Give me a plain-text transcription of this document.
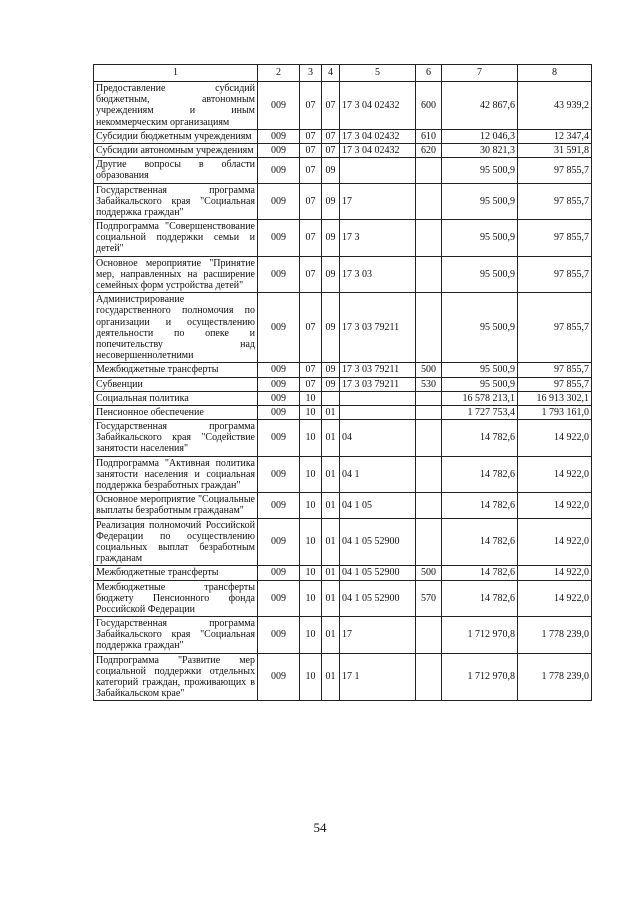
1	2	3	4	5	6	7	8
Предоставление субсидий бюджетным, автономным учреждениям и иным некоммерческим организациям	009	07	07	17 3 04 02432	600	42 867,6	43 939,2
Субсидии бюджетным учреждениям	009	07	07	17 3 04 02432	610	12 046,3	12 347,4
Субсидии автономным учреждениям	009	07	07	17 3 04 02432	620	30 821,3	31 591,8
Другие вопросы в области образования	009	07	09			95 500,9	97 855,7
Государственная программа Забайкальского края "Социальная поддержка граждан"	009	07	09	17		95 500,9	97 855,7
Подпрограмма "Совершенствование социальной поддержки семьи и детей"	009	07	09	17 3		95 500,9	97 855,7
Основное мероприятие "Принятие мер, направленных на расширение семейных форм устройства детей"	009	07	09	17 3 03		95 500,9	97 855,7
Администрирование государственного полномочия по организации и осуществлению деятельности по опеке и попечительству над несовершеннолетними	009	07	09	17 3 03 79211		95 500,9	97 855,7
Межбюджетные трансферты	009	07	09	17 3 03 79211	500	95 500,9	97 855,7
Субвенции	009	07	09	17 3 03 79211	530	95 500,9	97 855,7
Социальная политика	009	10				16 578 213,1	16 913 302,1
Пенсионное обеспечение	009	10	01			1 727 753,4	1 793 161,0
Государственная программа Забайкальского края "Содействие занятости населения"	009	10	01	04		14 782,6	14 922,0
Подпрограмма "Активная политика занятости населения и социальная поддержка безработных граждан"	009	10	01	04 1		14 782,6	14 922,0
Основное мероприятие "Социальные выплаты безработным гражданам"	009	10	01	04 1 05		14 782,6	14 922,0
Реализация полномочий Российской Федерации по осуществлению социальных выплат безработным гражданам	009	10	01	04 1 05 52900		14 782,6	14 922,0
Межбюджетные трансферты	009	10	01	04 1 05 52900	500	14 782,6	14 922,0
Межбюджетные трансферты бюджету Пенсионного фонда Российской Федерации	009	10	01	04 1 05 52900	570	14 782,6	14 922,0
Государственная программа Забайкальского края "Социальная поддержка граждан"	009	10	01	17		1 712 970,8	1 778 239,0
Подпрограмма "Развитие мер социальной поддержки отдельных категорий граждан, проживающих в Забайкальском крае"	009	10	01	17 1		1 712 970,8	1 778 239,0
54
